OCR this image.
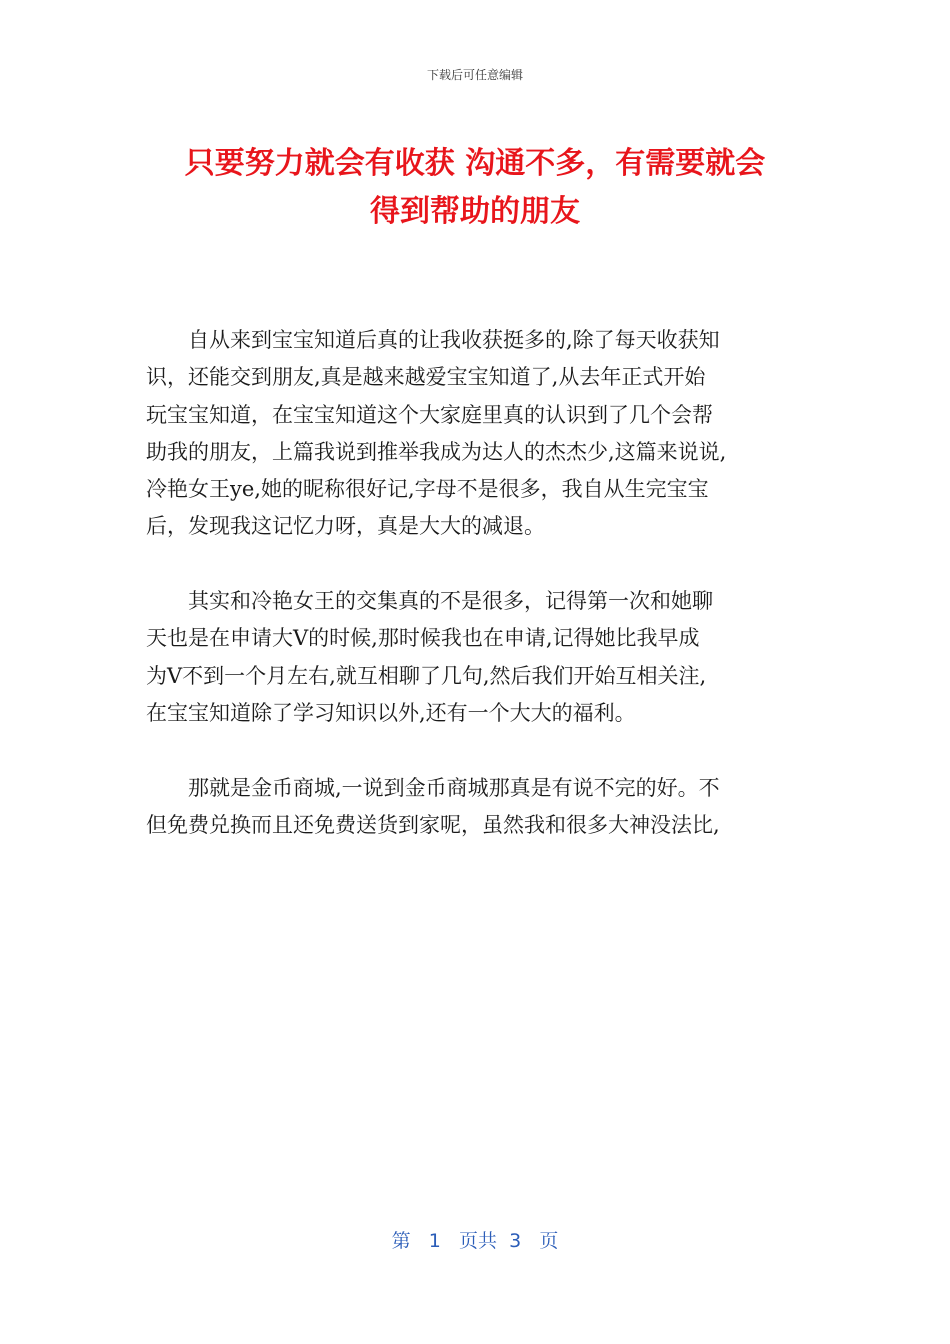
下载后可任意编辑
只要努力就会有收获 沟通不多，有需要就会
得到帮助的朋友

自从来到宝宝知道后真的让我收获挺多的,除了每天收获知
识，还能交到朋友,真是越来越爱宝宝知道了,从去年正式开始
玩宝宝知道，在宝宝知道这个大家庭里真的认识到了几个会帮
助我的朋友，上篇我说到推举我成为达人的杰杰少,这篇来说说,
冷艳女王ye,她的昵称很好记,字母不是很多，我自从生完宝宝
后，发现我这记忆力呀，真是大大的减退。

其实和冷艳女王的交集真的不是很多，记得第一次和她聊
天也是在申请大V的时候,那时候我也在申请,记得她比我早成
为V不到一个月左右,就互相聊了几句,然后我们开始互相关注,
在宝宝知道除了学习知识以外,还有一个大大的福利。

那就是金币商城,一说到金币商城那真是有说不完的好。不
但免费兑换而且还免费送货到家呢，虽然我和很多大神没法比,

第 1 页共 3 页
